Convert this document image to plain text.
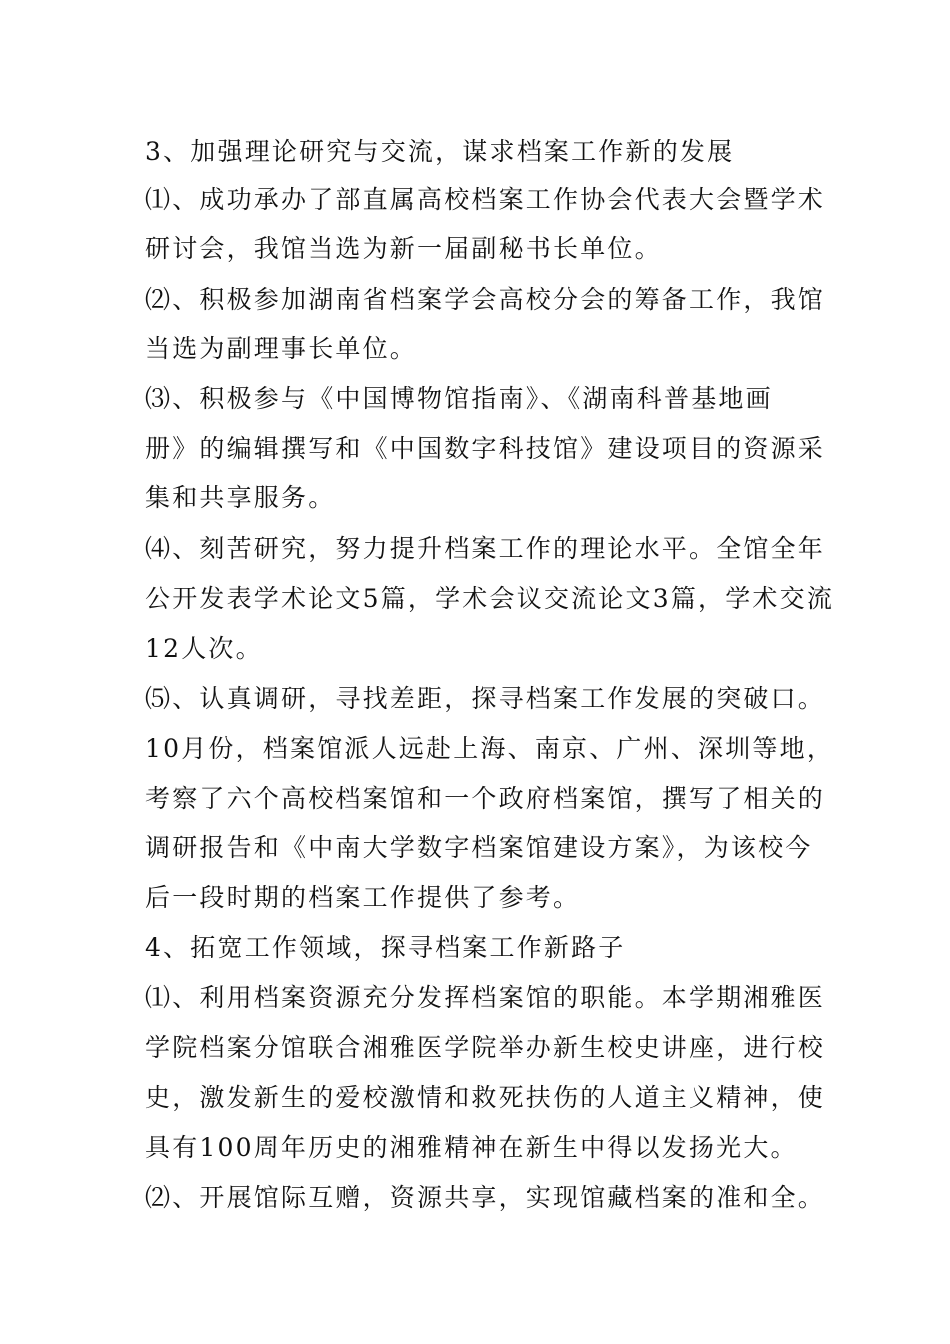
3、加强理论研究与交流，谋求档案工作新的发展
⑴、成功承办了部直属高校档案工作协会代表大会暨学术
研讨会，我馆当选为新一届副秘书长单位。
⑵、积极参加湖南省档案学会高校分会的筹备工作，我馆
当选为副理事长单位。
⑶、积极参与《中国博物馆指南》、《湖南科普基地画
册》的编辑撰写和《中国数字科技馆》建设项目的资源采
集和共享服务。
⑷、刻苦研究，努力提升档案工作的理论水平。全馆全年
公开发表学术论文5篇，学术会议交流论文3篇，学术交流
12人次。
⑸、认真调研，寻找差距，探寻档案工作发展的突破口。
10月份，档案馆派人远赴上海、南京、广州、深圳等地，
考察了六个高校档案馆和一个政府档案馆，撰写了相关的
调研报告和《中南大学数字档案馆建设方案》，为该校今
后一段时期的档案工作提供了参考。
4、拓宽工作领域，探寻档案工作新路子
⑴、利用档案资源充分发挥档案馆的职能。本学期湘雅医
学院档案分馆联合湘雅医学院举办新生校史讲座，进行校
史，激发新生的爱校激情和救死扶伤的人道主义精神，使
具有100周年历史的湘雅精神在新生中得以发扬光大。
⑵、开展馆际互赠，资源共享，实现馆藏档案的准和全。
